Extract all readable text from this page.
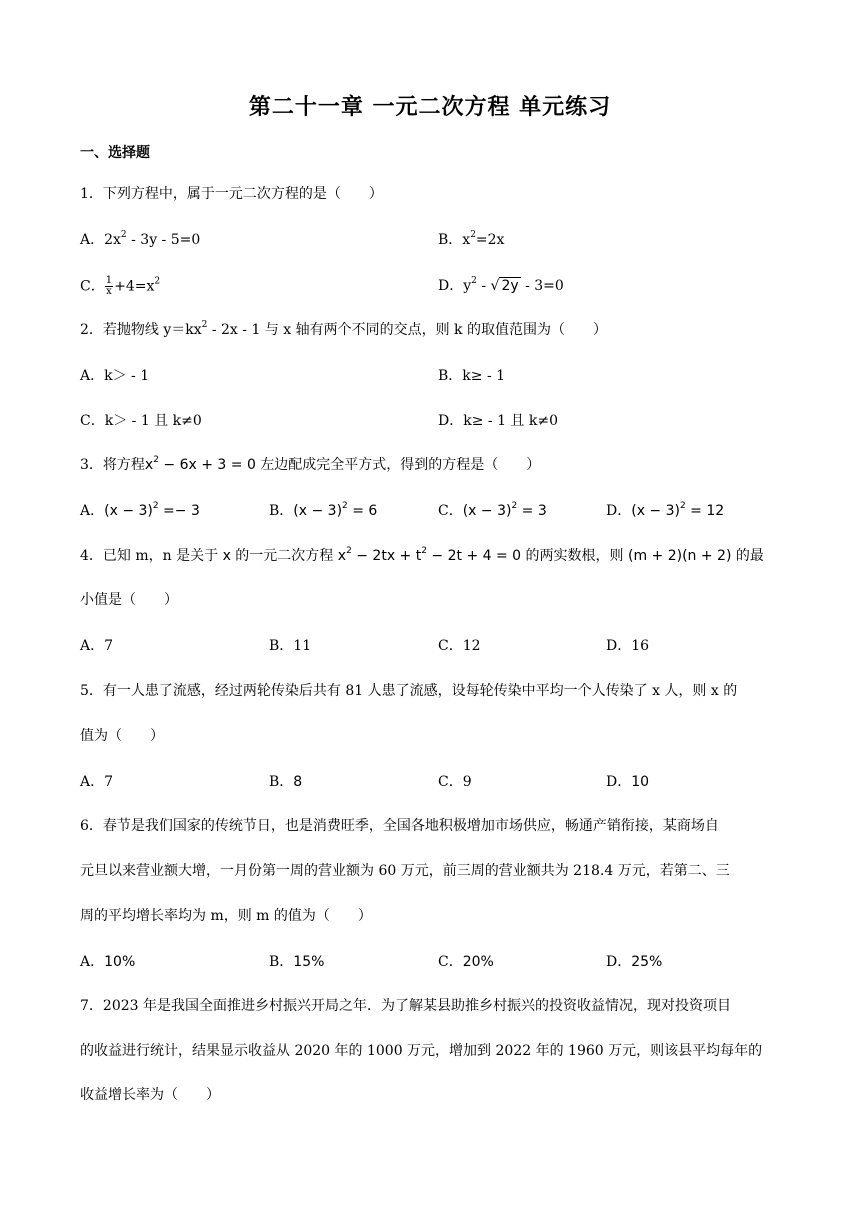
第二十一章 一元二次方程 单元练习
一、选择题
1．下列方程中，属于一元二次方程的是（　　）
A．$2x^2 - 3y - 5=0$	B．$x^2=2x$
C． $\frac{1}{x} +4=x^2$	D．$y^2$ - √ 2y - 3=0
2．若抛物线 $y=kx^2 - 2x - 1$ 与 x 轴有两个不同的交点，则 k 的取值范围为（　　）
A．k＞ - 1	B．k≥ - 1
C．k＞ - 1 且 k≠0	D．k≥ - 1 且 k≠0
3．将方程$x^2 - 6x + 3 = 0$ 左边配成完全平方式，得到的方程是（　　）
A．$(x - 3)^2 =- 3$	B．$(x - 3)^2 = 6$	C．$(x - 3)^2 = 3$	D．$(x - 3)^2 = 12$
4．已知 m，n 是关于 x 的一元二次方程 $x^2 - 2tx + t^2 - 2t + 4 = 0$ 的两实数根，则 (m + 2)(n + 2) 的最
小值是（　　）
A．7	B．11	C．12	D．16
5．有一人患了流感，经过两轮传染后共有 81 人患了流感，设每轮传染中平均一个人传染了 x 人，则 x 的
值为（　　）
A．7	B．8	C．9	D．10
6．春节是我们国家的传统节日，也是消费旺季，全国各地积极增加市场供应，畅通产销衔接，某商场自
元旦以来营业额大增，一月份第一周的营业额为 60 万元，前三周的营业额共为 218.4 万元，若第二、三
周的平均增长率均为 m，则 m 的值为（　　）
A．10%	B．15%	C．20%	D．25%
7．2023 年是我国全面推进乡村振兴开局之年．为了解某县助推乡村振兴的投资收益情况，现对投资项目
的收益进行统计，结果显示收益从 2020 年的 1000 万元，增加到 2022 年的 1960 万元，则该县平均每年的
收益增长率为（　　）
